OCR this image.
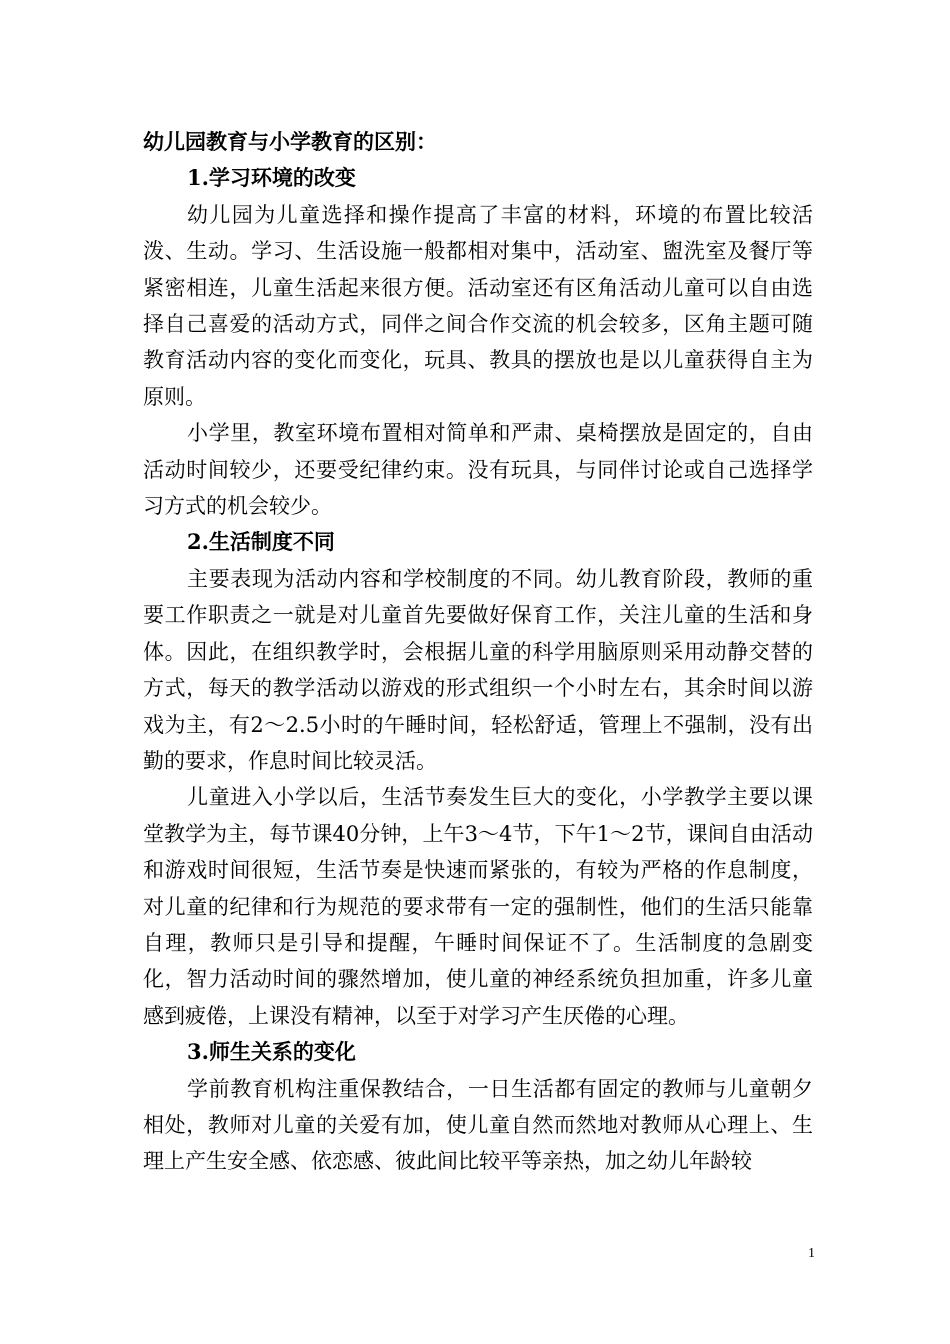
幼儿园教育与小学教育的区别：

1.学习环境的改变

幼儿园为儿童选择和操作提高了丰富的材料，环境的布置比较活泼、生动。学习、生活设施一般都相对集中，活动室、盥洗室及餐厅等紧密相连，儿童生活起来很方便。活动室还有区角活动儿童可以自由选择自己喜爱的活动方式，同伴之间合作交流的机会较多，区角主题可随教育活动内容的变化而变化，玩具、教具的摆放也是以儿童获得自主为原则。

小学里，教室环境布置相对简单和严肃、桌椅摆放是固定的，自由活动时间较少，还要受纪律约束。没有玩具，与同伴讨论或自己选择学习方式的机会较少。

2.生活制度不同

主要表现为活动内容和学校制度的不同。幼儿教育阶段，教师的重要工作职责之一就是对儿童首先要做好保育工作，关注儿童的生活和身体。因此，在组织教学时，会根据儿童的科学用脑原则采用动静交替的方式，每天的教学活动以游戏的形式组织一个小时左右，其余时间以游戏为主，有2～2.5小时的午睡时间，轻松舒适，管理上不强制，没有出勤的要求，作息时间比较灵活。

儿童进入小学以后，生活节奏发生巨大的变化，小学教学主要以课堂教学为主，每节课40分钟，上午3～4节，下午1～2节，课间自由活动和游戏时间很短，生活节奏是快速而紧张的，有较为严格的作息制度，对儿童的纪律和行为规范的要求带有一定的强制性，他们的生活只能靠自理，教师只是引导和提醒，午睡时间保证不了。生活制度的急剧变化，智力活动时间的骤然增加，使儿童的神经系统负担加重，许多儿童感到疲倦，上课没有精神，以至于对学习产生厌倦的心理。

3.师生关系的变化

学前教育机构注重保教结合，一日生活都有固定的教师与儿童朝夕相处，教师对儿童的关爱有加，使儿童自然而然地对教师从心理上、生理上产生安全感、依恋感、彼此间比较平等亲热，加之幼儿年龄较

1
